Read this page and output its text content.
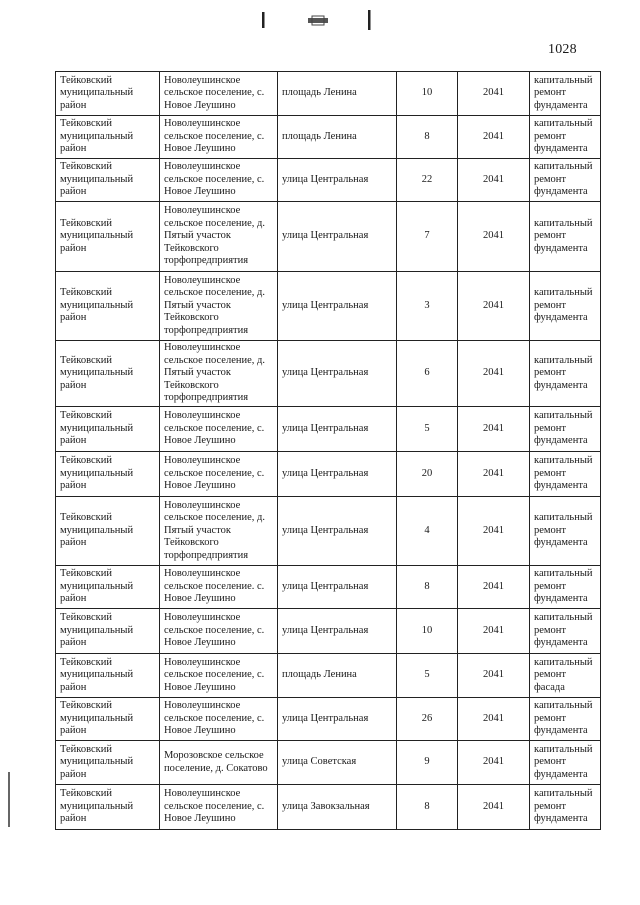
1028
Тейковский муниципальный район	Новолеушинское сельское поселение, с. Новое Леушино	площадь Ленина	10	2041	капитальный ремонт фундамента
Тейковский муниципальный район	Новолеушинское сельское поселение, с. Новое Леушино	площадь Ленина	8	2041	капитальный ремонт фундамента
Тейковский муниципальный район	Новолеушинское сельское поселение, с. Новое Леушино	улица Центральная	22	2041	капитальный ремонт фундамента
Тейковский муниципальный район	Новолеушинское сельское поселение, д. Пятый участок Тейковского торфопредприятия	улица Центральная	7	2041	капитальный ремонт фундамента
Тейковский муниципальный район	Новолеушинское сельское поселение, д. Пятый участок Тейковского торфопредприятия	улица Центральная	3	2041	капитальный ремонт фундамента
Тейковский муниципальный район	Новолеушинское сельское поселение, д. Пятый участок Тейковского торфопредприятия	улица Центральная	6	2041	капитальный ремонт фундамента
Тейковский муниципальный район	Новолеушинское сельское поселение, с. Новое Леушино	улица Центральная	5	2041	капитальный ремонт фундамента
Тейковский муниципальный район	Новолеушинское сельское поселение, с. Новое Леушино	улица Центральная	20	2041	капитальный ремонт фундамента
Тейковский муниципальный район	Новолеушинское сельское поселение, д. Пятый участок Тейковского торфопредприятия	улица Центральная	4	2041	капитальный ремонт фундамента
Тейковский муниципальный район	Новолеушинское сельское поселение. с. Новое Леушино	улица Центральная	8	2041	капитальный ремонт фундамента
Тейковский муниципальный район	Новолеушинское сельское поселение, с. Новое Леушино	улица Центральная	10	2041	капитальный ремонт фундамента
Тейковский муниципальный район	Новолеушинское сельское поселение, с. Новое Леушино	площадь Ленина	5	2041	капитальный ремонт фасада
Тейковский муниципальный район	Новолеушинское сельское поселение, с. Новое Леушино	улица Центральная	26	2041	капитальный ремонт фундамента
Тейковский муниципальный район	Морозовское сельское поселение, д. Сокатово	улица Советская	9	2041	капитальный ремонт фундамента
Тейковский муниципальный район	Новолеушинское сельское поселение, с. Новое Леушино	улица Завокзальная	8	2041	капитальный ремонт фундамента
